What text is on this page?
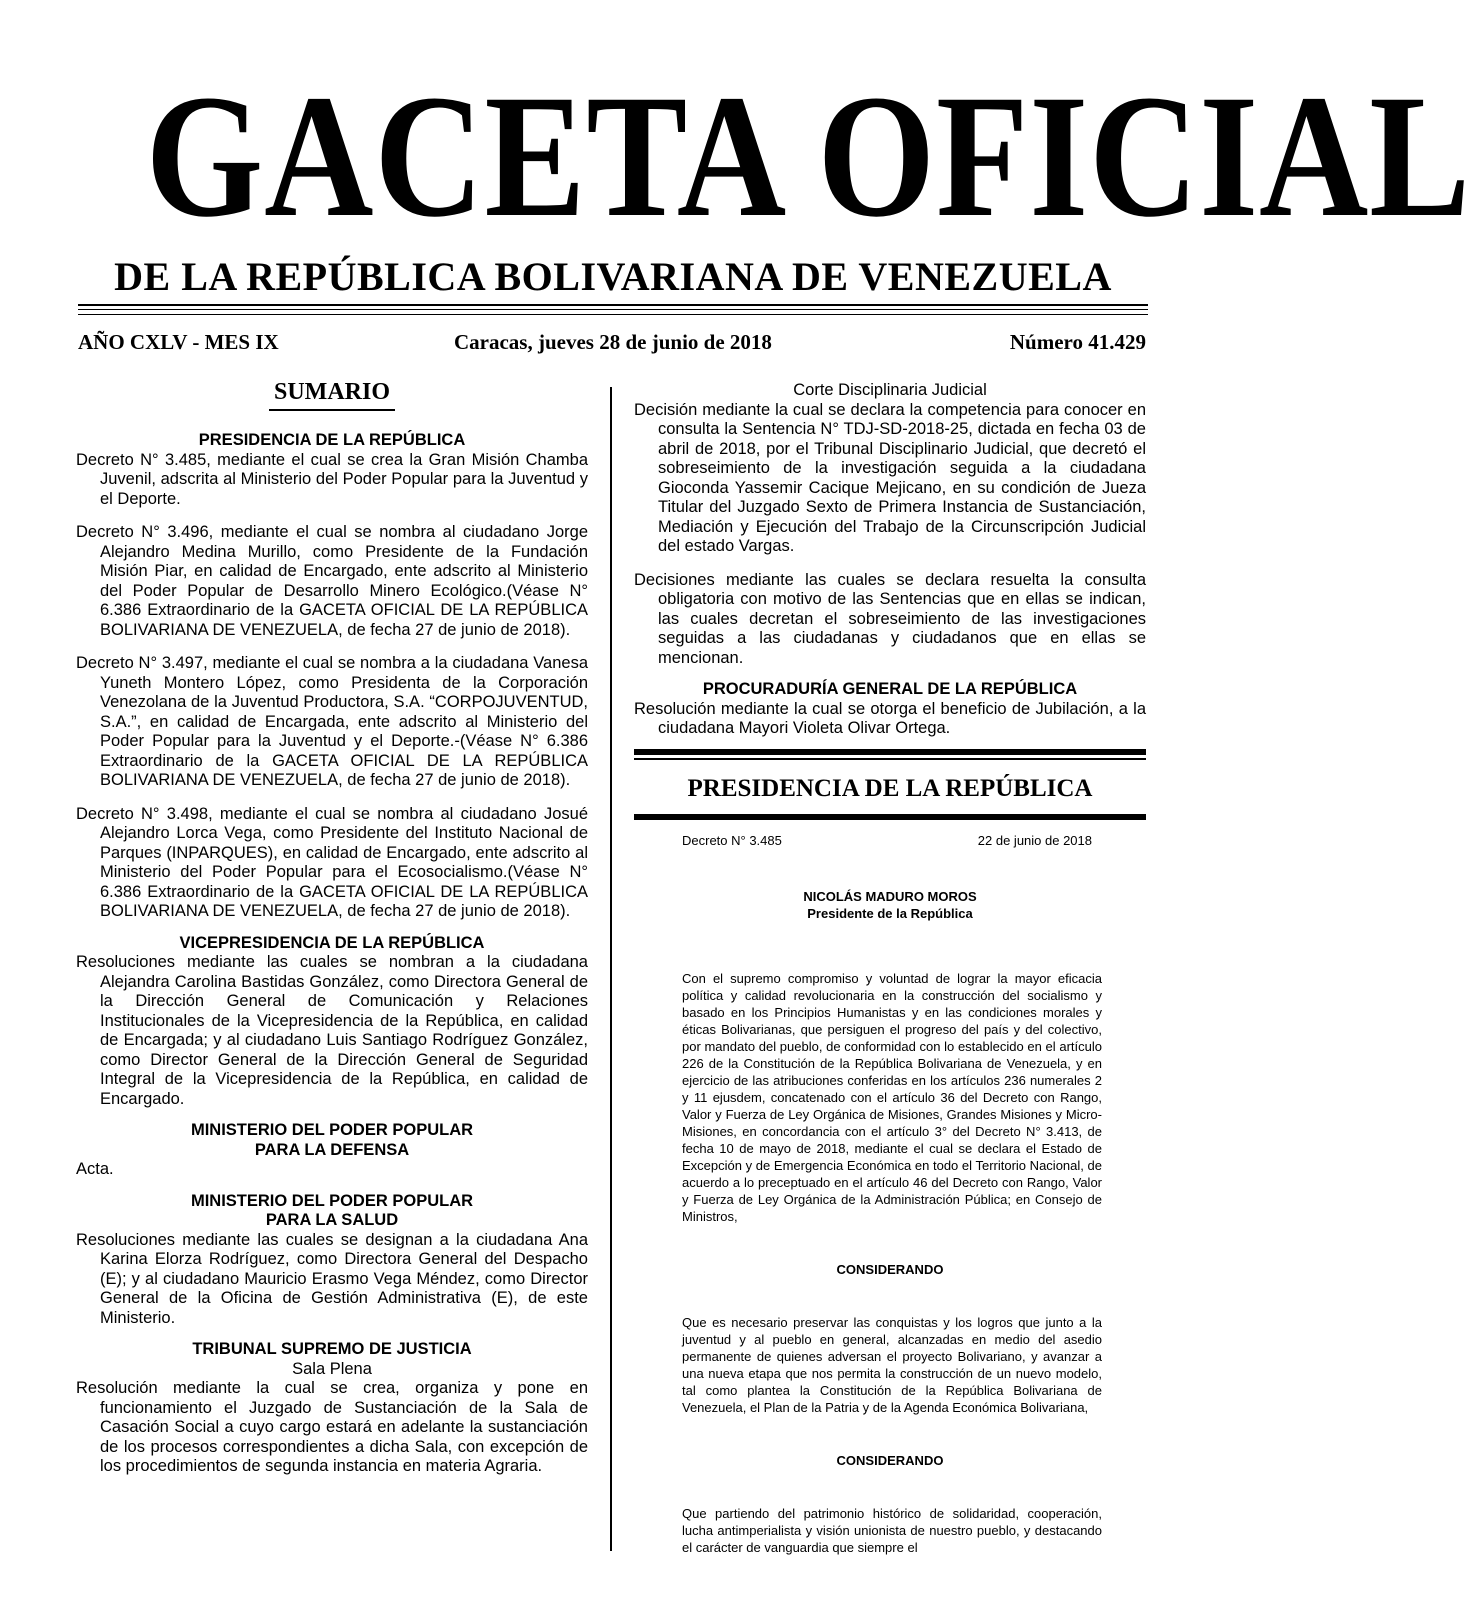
GACETA OFICIAL
DE LA REPÚBLICA BOLIVARIANA DE VENEZUELA
AÑO CXLV - MES IX	Caracas, jueves 28 de junio de 2018	Número 41.429
SUMARIO
PRESIDENCIA DE LA REPÚBLICA
Decreto N° 3.485, mediante el cual se crea la Gran Misión Chamba Juvenil, adscrita al Ministerio del Poder Popular para la Juventud y el Deporte.
Decreto N° 3.496, mediante el cual se nombra al ciudadano Jorge Alejandro Medina Murillo, como Presidente de la Fundación Misión Piar, en calidad de Encargado, ente adscrito al Ministerio del Poder Popular de Desarrollo Minero Ecológico.(Véase N° 6.386 Extraordinario de la GACETA OFICIAL DE LA REPÚBLICA BOLIVARIANA DE VENEZUELA, de fecha 27 de junio de 2018).
Decreto N° 3.497, mediante el cual se nombra a la ciudadana Vanesa Yuneth Montero López, como Presidenta de la Corporación Venezolana de la Juventud Productora, S.A. “CORPOJUVENTUD, S.A.”, en calidad de Encargada, ente adscrito al Ministerio del Poder Popular para la Juventud y el Deporte.-(Véase N° 6.386 Extraordinario de la GACETA OFICIAL DE LA REPÚBLICA BOLIVARIANA DE VENEZUELA, de fecha 27 de junio de 2018).
Decreto N° 3.498, mediante el cual se nombra al ciudadano Josué Alejandro Lorca Vega, como Presidente del Instituto Nacional de Parques (INPARQUES), en calidad de Encargado, ente adscrito al Ministerio del Poder Popular para el Ecosocialismo.(Véase N° 6.386 Extraordinario de la GACETA OFICIAL DE LA REPÚBLICA BOLIVARIANA DE VENEZUELA, de fecha 27 de junio de 2018).
VICEPRESIDENCIA DE LA REPÚBLICA
Resoluciones mediante las cuales se nombran a la ciudadana Alejandra Carolina Bastidas González, como Directora General de la Dirección General de Comunicación y Relaciones Institucionales de la Vicepresidencia de la República, en calidad de Encargada; y al ciudadano Luis Santiago Rodríguez González, como Director General de la Dirección General de Seguridad Integral de la Vicepresidencia de la República, en calidad de Encargado.
MINISTERIO DEL PODER POPULAR
PARA LA DEFENSA
Acta.
MINISTERIO DEL PODER POPULAR
PARA LA SALUD
Resoluciones mediante las cuales se designan a la ciudadana Ana Karina Elorza Rodríguez, como Directora General del Despacho (E); y al ciudadano Mauricio Erasmo Vega Méndez, como Director General de la Oficina de Gestión Administrativa (E), de este Ministerio.
TRIBUNAL SUPREMO DE JUSTICIA
Sala Plena
Resolución mediante la cual se crea, organiza y pone en funcionamiento el Juzgado de Sustanciación de la Sala de Casación Social a cuyo cargo estará en adelante la sustanciación de los procesos correspondientes a dicha Sala, con excepción de los procedimientos de segunda instancia en materia Agraria.
Corte Disciplinaria Judicial
Decisión mediante la cual se declara la competencia para conocer en consulta la Sentencia N° TDJ-SD-2018-25, dictada en fecha 03 de abril de 2018, por el Tribunal Disciplinario Judicial, que decretó el sobreseimiento de la investigación seguida a la ciudadana Gioconda Yassemir Cacique Mejicano, en su condición de Jueza Titular del Juzgado Sexto de Primera Instancia de Sustanciación, Mediación y Ejecución del Trabajo de la Circunscripción Judicial del estado Vargas.
Decisiones mediante las cuales se declara resuelta la consulta obligatoria con motivo de las Sentencias que en ellas se indican, las cuales decretan el sobreseimiento de las investigaciones seguidas a las ciudadanas y ciudadanos que en ellas se mencionan.
PROCURADURÍA GENERAL DE LA REPÚBLICA
Resolución mediante la cual se otorga el beneficio de Jubilación, a la ciudadana Mayori Violeta Olivar Ortega.
PRESIDENCIA DE LA REPÚBLICA
Decreto N° 3.485	22 de junio de 2018
NICOLÁS MADURO MOROS
Presidente de la República
Con el supremo compromiso y voluntad de lograr la mayor eficacia política y calidad revolucionaria en la construcción del socialismo y basado en los Principios Humanistas y en las condiciones morales y éticas Bolivarianas, que persiguen el progreso del país y del colectivo, por mandato del pueblo, de conformidad con lo establecido en el artículo 226 de la Constitución de la República Bolivariana de Venezuela, y en ejercicio de las atribuciones conferidas en los artículos 236 numerales 2 y 11 ejusdem, concatenado con el artículo 36 del Decreto con Rango, Valor y Fuerza de Ley Orgánica de Misiones, Grandes Misiones y Micro-Misiones, en concordancia con el artículo 3° del Decreto N° 3.413, de fecha 10 de mayo de 2018, mediante el cual se declara el Estado de Excepción y de Emergencia Económica en todo el Territorio Nacional, de acuerdo a lo preceptuado en el artículo 46 del Decreto con Rango, Valor y Fuerza de Ley Orgánica de la Administración Pública; en Consejo de Ministros,
CONSIDERANDO
Que es necesario preservar las conquistas y los logros que junto a la juventud y al pueblo en general, alcanzadas en medio del asedio permanente de quienes adversan el proyecto Bolivariano, y avanzar a una nueva etapa que nos permita la construcción de un nuevo modelo, tal como plantea la Constitución de la República Bolivariana de Venezuela, el Plan de la Patria y de la Agenda Económica Bolivariana,
CONSIDERANDO
Que partiendo del patrimonio histórico de solidaridad, cooperación, lucha antimperialista y visión unionista de nuestro pueblo, y destacando el carácter de vanguardia que siempre el
